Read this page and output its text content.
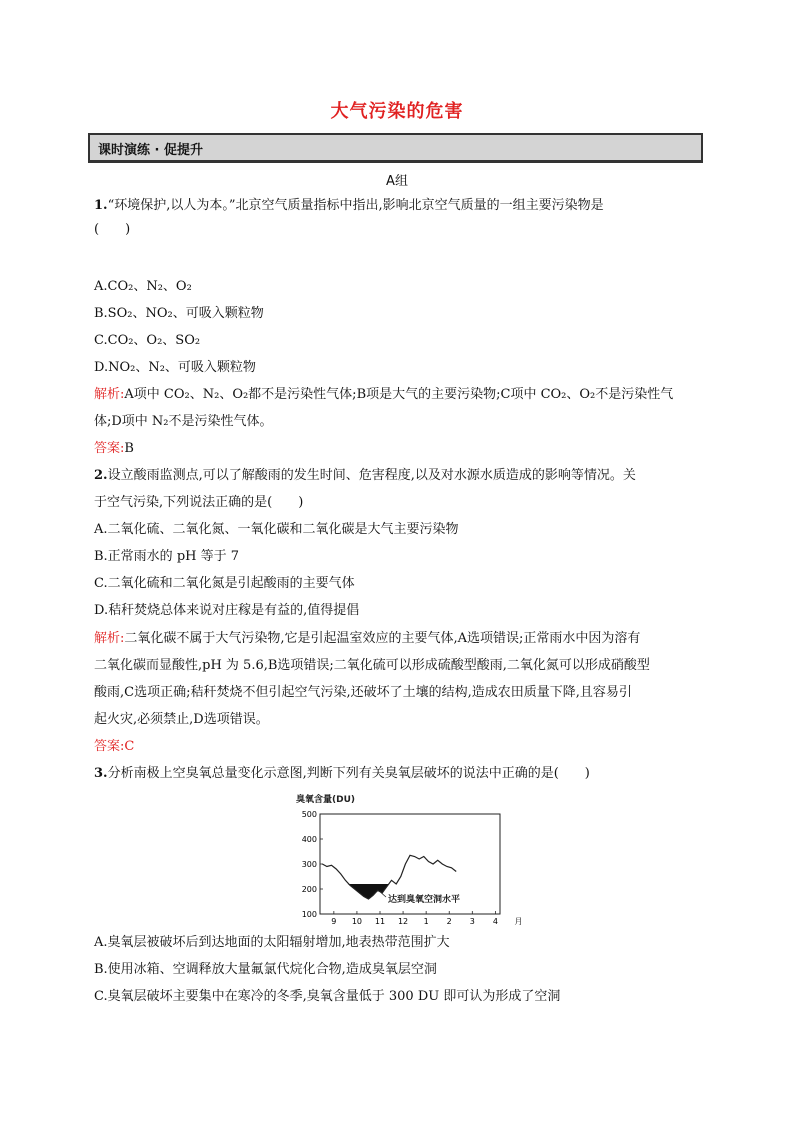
大气污染的危害
课时演练 · 促提升
A组
1.“环境保护,以人为本。”北京空气质量指标中指出,影响北京空气质量的一组主要污染物是
(　　)
A.CO₂、N₂、O₂
B.SO₂、NO₂、可吸入颗粒物
C.CO₂、O₂、SO₂
D.NO₂、N₂、可吸入颗粒物
解析:A项中 CO₂、N₂、O₂都不是污染性气体;B项是大气的主要污染物;C项中 CO₂、O₂不是污染性气
体;D项中 N₂不是污染性气体。
答案:B
2.设立酸雨监测点,可以了解酸雨的发生时间、危害程度,以及对水源水质造成的影响等情况。关
于空气污染,下列说法正确的是(　　)
A.二氧化硫、二氧化氮、一氧化碳和二氧化碳是大气主要污染物
B.正常雨水的 pH 等于 7
C.二氧化硫和二氧化氮是引起酸雨的主要气体
D.秸秆焚烧总体来说对庄稼是有益的,值得提倡
解析:二氧化碳不属于大气污染物,它是引起温室效应的主要气体,A选项错误;正常雨水中因为溶有
二氧化碳而显酸性,pH 为 5.6,B选项错误;二氧化硫可以形成硫酸型酸雨,二氧化氮可以形成硝酸型
酸雨,C选项正确;秸秆焚烧不但引起空气污染,还破坏了土壤的结构,造成农田质量下降,且容易引
起火灾,必须禁止,D选项错误。
答案:C
3.分析南极上空臭氧总量变化示意图,判断下列有关臭氧层破坏的说法中正确的是(　　)
臭氧含量(DU)
500
400
300
200
100
9 10 11 12 1 2 3 4 月
达到臭氧空洞水平
A.臭氧层被破坏后到达地面的太阳辐射增加,地表热带范围扩大
B.使用冰箱、空调释放大量氟氯代烷化合物,造成臭氧层空洞
C.臭氧层破坏主要集中在寒冷的冬季,臭氧含量低于 300 DU 即可认为形成了空洞
